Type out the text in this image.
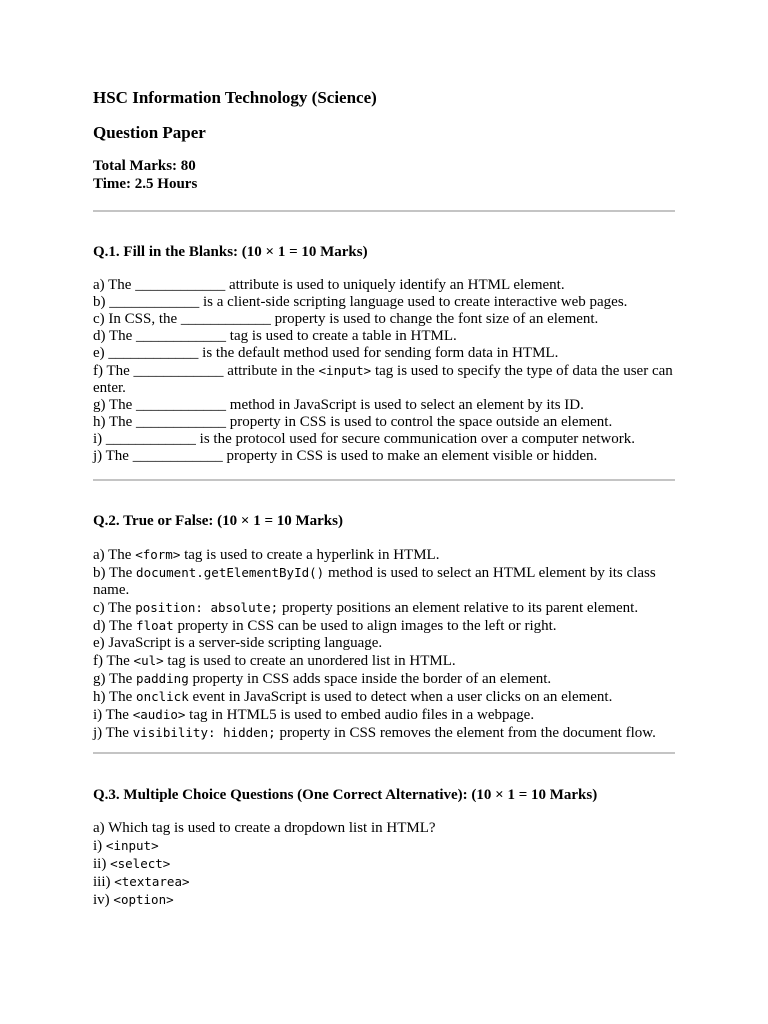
HSC Information Technology (Science)
Question Paper
Total Marks: 80
Time: 2.5 Hours
Q.1. Fill in the Blanks: (10 × 1 = 10 Marks)
a) The ____________ attribute is used to uniquely identify an HTML element.
b) ____________ is a client-side scripting language used to create interactive web pages.
c) In CSS, the ____________ property is used to change the font size of an element.
d) The ____________ tag is used to create a table in HTML.
e) ____________ is the default method used for sending form data in HTML.
f) The ____________ attribute in the <input> tag is used to specify the type of data the user can enter.
g) The ____________ method in JavaScript is used to select an element by its ID.
h) The ____________ property in CSS is used to control the space outside an element.
i) ____________ is the protocol used for secure communication over a computer network.
j) The ____________ property in CSS is used to make an element visible or hidden.
Q.2. True or False: (10 × 1 = 10 Marks)
a) The <form> tag is used to create a hyperlink in HTML.
b) The document.getElementById() method is used to select an HTML element by its class name.
c) The position: absolute; property positions an element relative to its parent element.
d) The float property in CSS can be used to align images to the left or right.
e) JavaScript is a server-side scripting language.
f) The <ul> tag is used to create an unordered list in HTML.
g) The padding property in CSS adds space inside the border of an element.
h) The onclick event in JavaScript is used to detect when a user clicks on an element.
i) The <audio> tag in HTML5 is used to embed audio files in a webpage.
j) The visibility: hidden; property in CSS removes the element from the document flow.
Q.3. Multiple Choice Questions (One Correct Alternative): (10 × 1 = 10 Marks)
a) Which tag is used to create a dropdown list in HTML?
i) <input>
ii) <select>
iii) <textarea>
iv) <option>
